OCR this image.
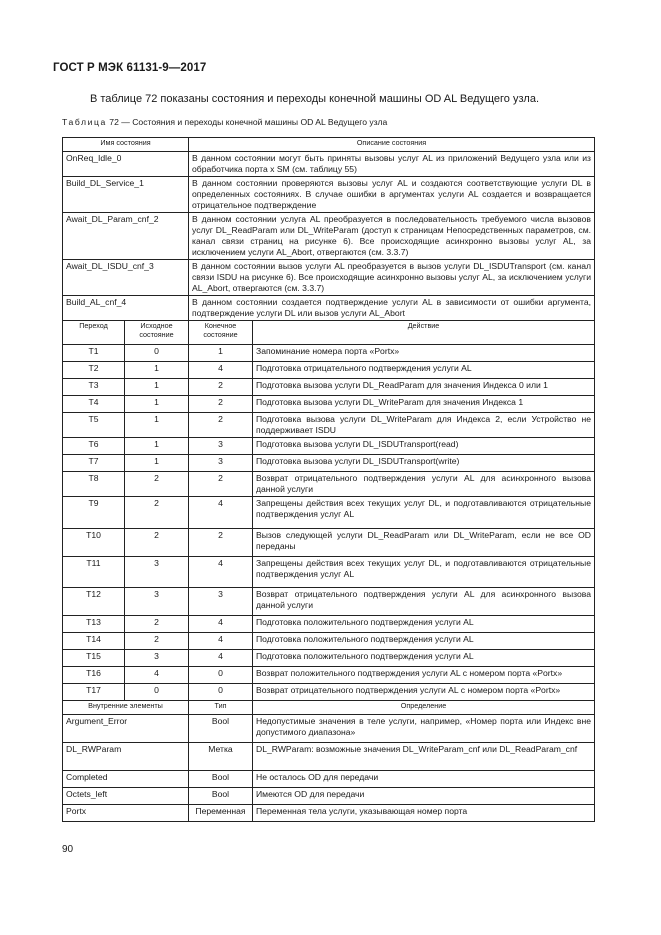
ГОСТ Р МЭК 61131-9—2017
В таблице 72 показаны состояния и переходы конечной машины OD AL Ведущего узла.
Таблица 72 — Состояния и переходы конечной машины OD AL Ведущего узла
Имя состояния		Описание состояния	
OnReq_Idle_0		В данном состоянии могут быть приняты вызовы услуг AL из приложений Ведущего узла или из обработчика порта х SM (см. таблицу 55)	
Build_DL_Service_1		В данном состоянии проверяются вызовы услуг AL и создаются соответствующие услуги DL в определенных состояниях. В случае ошибки в аргументах услуги AL создается и возвращается отрицательное подтверждение	
Await_DL_Param_cnf_2		В данном состоянии услуга AL преобразуется в последовательность требуемого числа вызовов услуг DL_ReadParam или DL_WriteParam (доступ к страницам Непосредственных параметров, см. канал связи страниц на рисунке 6). Все происходящие асинхронно вызовы услуг AL, за исключением услуги AL_Abort, отвергаются (см. 3.3.7)	
Await_DL_ISDU_cnf_3		В данном состоянии вызов услуги AL преобразуется в вызов услуги DL_ISDUTransport (см. канал связи ISDU на рисунке 6). Все происходящие асинхронно вызовы услуг AL, за исключением услуги AL_Abort, отвергаются (см. 3.3.7)	
Build_AL_cnf_4		В данном состоянии создается подтверждение услуги AL в зависимости от ошибки аргумента, подтверждение услуги DL или вызов услуги AL_Abort	
Переход	Исходное состояние	Конечное состояние	Действие
T1	0	1	Запоминание номера порта «Portx»
T2	1	4	Подготовка отрицательного подтверждения услуги AL
T3	1	2	Подготовка вызова услуги DL_ReadParam для значения Индекса 0 или 1
T4	1	2	Подготовка вызова услуги DL_WriteParam для значения Индекса 1
T5	1	2	Подготовка вызова услуги DL_WriteParam для Индекса 2, если Устройство не поддерживает ISDU
T6	1	3	Подготовка вызова услуги DL_ISDUTransport(read)
T7	1	3	Подготовка вызова услуги DL_ISDUTransport(write)
T8	2	2	Возврат отрицательного подтверждения услуги AL для асинхронного вызова данной услуги
T9	2	4	Запрещены действия всех текущих услуг DL, и подготавливаются отрицательные подтверждения услуг AL
T10	2	2	Вызов следующей услуги DL_ReadParam или DL_WriteParam, если не все OD переданы
T11	3	4	Запрещены действия всех текущих услуг DL, и подготавливаются отрицательные подтверждения услуг AL
T12	3	3	Возврат отрицательного подтверждения услуги AL для асинхронного вызова данной услуги
T13	2	4	Подготовка положительного подтверждения услуги AL
T14	2	4	Подготовка положительного подтверждения услуги AL
T15	3	4	Подготовка положительного подтверждения услуги AL
T16	4	0	Возврат положительного подтверждения услуги AL с номером порта «Portx»
T17	0	0	Возврат отрицательного подтверждения услуги AL с номером порта «Portx»
Внутренние элементы		Тип	Определение
Argument_Error		Bool	Недопустимые значения в теле услуги, например, «Номер порта или Индекс вне допустимого диапазона»
DL_RWParam		Метка	DL_RWParam: возможные значения DL_WriteParam_cnf или DL_ReadParam_cnf
Completed		Bool	Не осталось OD для передачи
Octets_left		Bool	Имеются OD для передачи
Portx		Переменная	Переменная тела услуги, указывающая номер порта
90
